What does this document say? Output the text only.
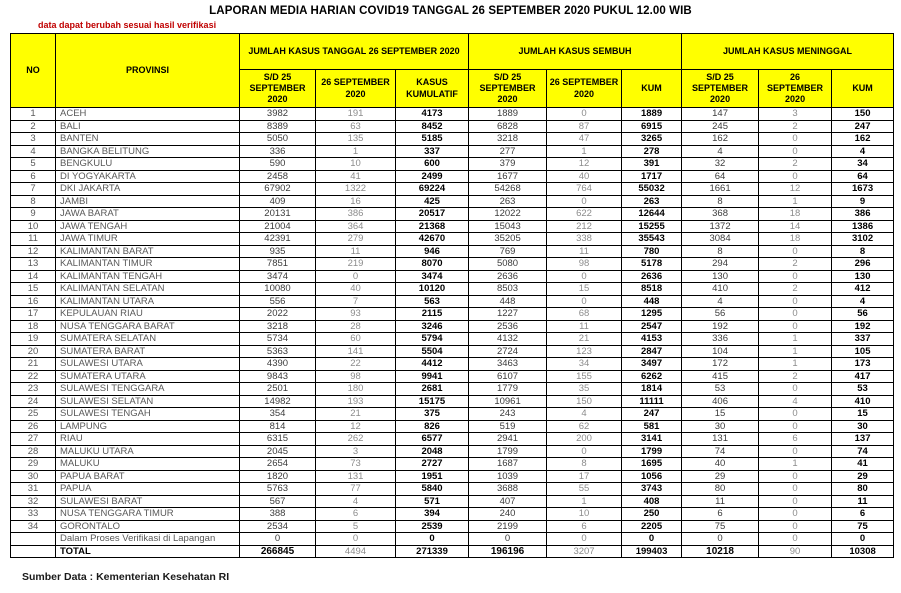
LAPORAN MEDIA HARIAN COVID19 TANGGAL 26 SEPTEMBER 2020 PUKUL 12.00 WIB
data dapat berubah sesuai hasil verifikasi
NO	PROVINSI	JUMLAH KASUS TANGGAL 26 SEPTEMBER 2020			JUMLAH KASUS SEMBUH			JUMLAH KASUS MENINGGAL		
		S/D 25 SEPTEMBER 2020	26 SEPTEMBER 2020	KASUS KUMULATIF	S/D 25 SEPTEMBER 2020	26 SEPTEMBER 2020	KUM	S/D 25 SEPTEMBER 2020	26 SEPTEMBER 2020	KUM
1	ACEH	3982	191	4173	1889	0	1889	147	3	150
2	BALI	8389	63	8452	6828	87	6915	245	2	247
3	BANTEN	5050	135	5185	3218	47	3265	162	0	162
4	BANGKA BELITUNG	336	1	337	277	1	278	4	0	4
5	BENGKULU	590	10	600	379	12	391	32	2	34
6	DI YOGYAKARTA	2458	41	2499	1677	40	1717	64	0	64
7	DKI JAKARTA	67902	1322	69224	54268	764	55032	1661	12	1673
8	JAMBI	409	16	425	263	0	263	8	1	9
9	JAWA BARAT	20131	386	20517	12022	622	12644	368	18	386
10	JAWA TENGAH	21004	364	21368	15043	212	15255	1372	14	1386
11	JAWA TIMUR	42391	279	42670	35205	338	35543	3084	18	3102
12	KALIMANTAN BARAT	935	11	946	769	11	780	8	0	8
13	KALIMANTAN TIMUR	7851	219	8070	5080	98	5178	294	2	296
14	KALIMANTAN TENGAH	3474	0	3474	2636	0	2636	130	0	130
15	KALIMANTAN SELATAN	10080	40	10120	8503	15	8518	410	2	412
16	KALIMANTAN UTARA	556	7	563	448	0	448	4	0	4
17	KEPULAUAN RIAU	2022	93	2115	1227	68	1295	56	0	56
18	NUSA TENGGARA BARAT	3218	28	3246	2536	11	2547	192	0	192
19	SUMATERA SELATAN	5734	60	5794	4132	21	4153	336	1	337
20	SUMATERA BARAT	5363	141	5504	2724	123	2847	104	1	105
21	SULAWESI UTARA	4390	22	4412	3463	34	3497	172	1	173
22	SUMATERA UTARA	9843	98	9941	6107	155	6262	415	2	417
23	SULAWESI TENGGARA	2501	180	2681	1779	35	1814	53	0	53
24	SULAWESI SELATAN	14982	193	15175	10961	150	11111	406	4	410
25	SULAWESI TENGAH	354	21	375	243	4	247	15	0	15
26	LAMPUNG	814	12	826	519	62	581	30	0	30
27	RIAU	6315	262	6577	2941	200	3141	131	6	137
28	MALUKU UTARA	2045	3	2048	1799	0	1799	74	0	74
29	MALUKU	2654	73	2727	1687	8	1695	40	1	41
30	PAPUA BARAT	1820	131	1951	1039	17	1056	29	0	29
31	PAPUA	5763	77	5840	3688	55	3743	80	0	80
32	SULAWESI BARAT	567	4	571	407	1	408	11	0	11
33	NUSA TENGGARA TIMUR	388	6	394	240	10	250	6	0	6
34	GORONTALO	2534	5	2539	2199	6	2205	75	0	75
	Dalam Proses Verifikasi di Lapangan	0	0	0	0	0	0	0	0	0
	TOTAL	266845	4494	271339	196196	3207	199403	10218	90	10308
Sumber Data : Kementerian Kesehatan RI
